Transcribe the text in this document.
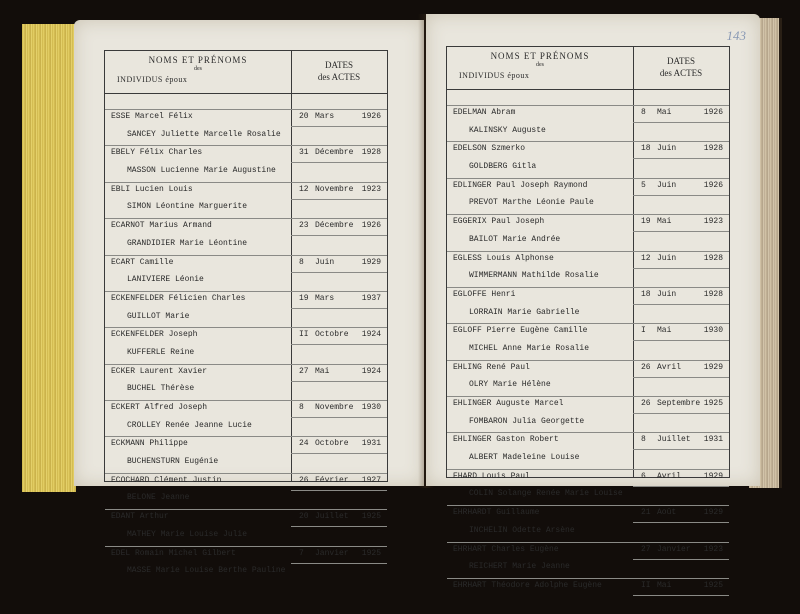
NOMS ET PRÉNOMS
des
INDIVIDUS époux
DATES
des ACTES
ESSE Marcel Félix	20 Mars	1926
SANCEY Juliette Marcelle Rosalie
EBELY Félix Charles	31 Décembre 1928
MASSON Lucienne Marie Augustine
EBLI Lucien Louis	12 Novembre 1923
SIMON Léontine Marguerite
ECARNOT Marius Armand	23 Décembre 1926
GRANDIDIER Marie Léontine
ECART Camille	8 Juin	1929
LANIVIERE Léonie
ECKENFELDER Félicien Charles	19 Mars	1937
GUILLOT Marie
ECKENFELDER Joseph	II Octobre 1924
KUFFERLE Reine
ECKER Laurent Xavier	27 Mai	1924
BUCHEL Thérèse
ECKERT Alfred Joseph	8 Novembre 1930
CROLLEY Renée Jeanne Lucie
ECKMANN Philippe	24 Octobre 1931
BUCHENSTURN Eugénie
ECOCHARD Clément Justin	26 Février 1927
BELONE Jeanne
EDANT Arthur	20 Juillet 1925
MATHEY Marie Louise Julie
EDEL Romain Michel Gilbert	7 Janvier 1925
MASSE Marie Louise Berthe Pauline
143
NOMS ET PRÉNOMS
des
INDIVIDUS époux
DATES
des ACTES
EDELMAN Abram	8 Mai	1926
KALINSKY Auguste
EDELSON Szmerko	18 Juin	1928
GOLDBERG Gitla
EDLINGER Paul Joseph Raymond	5 Juin	1926
PREVOT Marthe Léonie Paule
EGGERIX Paul Joseph	19 Mai	1923
BAILOT Marie Andrée
EGLESS Louis Alphonse	12 Juin	1928
WIMMERMANN Mathilde Rosalie
EGLOFFE Henri	18 Juin	1928
LORRAIN Marie Gabrielle
EGLOFF Pierre Eugène Camille	I Mai	1930
MICHEL Anne Marie Rosalie
EHLING René Paul	26 Avril	1929
OLRY Marie Hélène
EHLINGER Auguste Marcel	26 Septembre 1925
FOMBARON Julia Georgette
EHLINGER Gaston Robert	8 Juillet 1931
ALBERT Madeleine Louise
EHARD Louis Paul	6 Avril	1929
COLIN Solange Renée Marie Louise
EHRHARDT Guillaume	21 Août	1929
INCHELIN Odette Arsène
EHRHART Charles Eugène	27 Janvier 1923
REICHERT Marie Jeanne
EHRHART Théodore Adolphe Eugène	II Mai	1925
